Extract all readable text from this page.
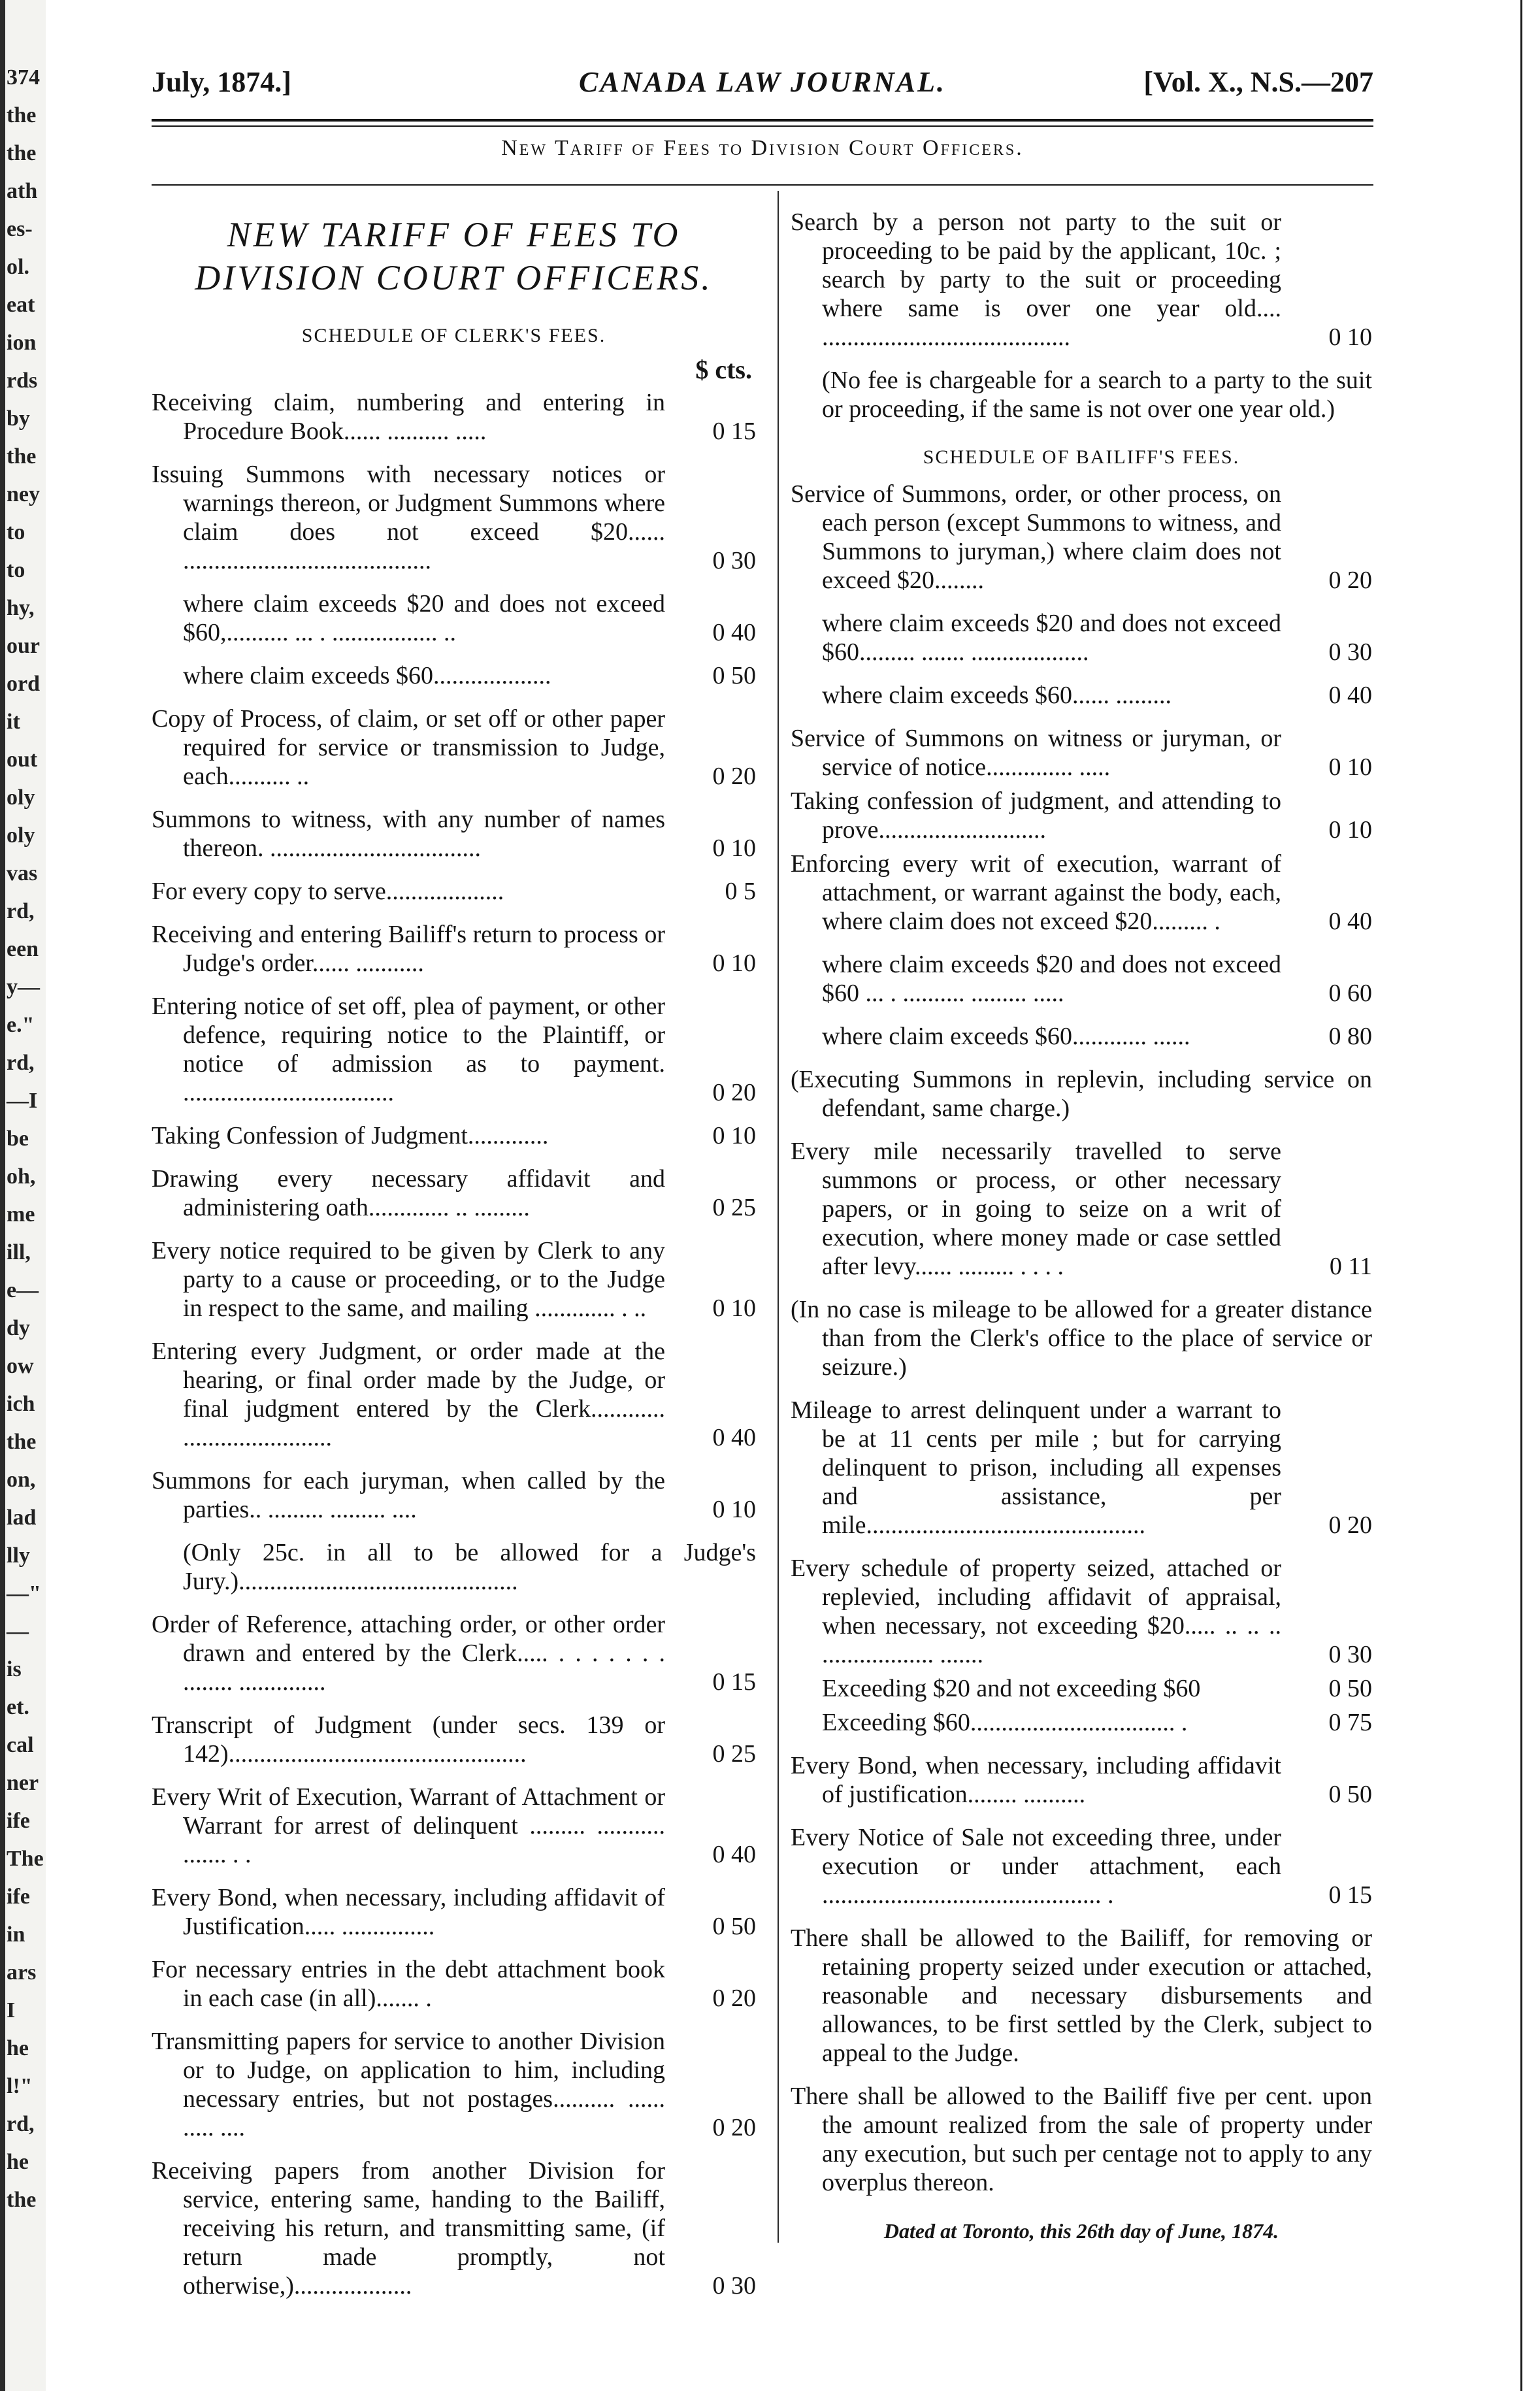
374
the
the
ath
es-
ol.
eat
ion
rds
by
the
ney
to
to
hy,
our
ord
it
out
oly
oly
vas
rd,
een
y—
e."
rd,
—I
be
oh,
me
ill,
e—
dy
ow
ich
the
on,
lad
lly
—"
—
is
et.
cal
ner
ife
The
ife
in
ars
I
he
l!"
rd,
he
the
July, 1874.]	CANADA LAW JOURNAL.	[Vol. X., N.S.—207
New Tariff of Fees to Division Court Officers.
NEW TARIFF OF FEES TO DIVISION COURT OFFICERS.
SCHEDULE OF CLERK'S FEES.
$ cts.
Receiving claim, numbering and entering in Procedure Book...... .......... .....	0 15
Issuing Summons with necessary notices or warnings thereon, or Judgment Summons where claim does not exceed $20...... ........................................	0 30
where claim exceeds $20 and does not exceed $60,.......... ... . ................. ..	0 40
where claim exceeds $60...................	0 50
Copy of Process, of claim, or set off or other paper required for service or transmission to Judge, each.......... ..	0 20
Summons to witness, with any number of names thereon. ..................................	0 10
For every copy to serve...................	0 5
Receiving and entering Bailiff's return to process or Judge's order...... ...........	0 10
Entering notice of set off, plea of payment, or other defence, requiring notice to the Plaintiff, or notice of admission as to payment. ..................................	0 20
Taking Confession of Judgment.............	0 10
Drawing every necessary affidavit and administering oath............. .. .........	0 25
Every notice required to be given by Clerk to any party to a cause or proceeding, or to the Judge in respect to the same, and mailing ............. . ..	0 10
Entering every Judgment, or order made at the hearing, or final order made by the Judge, or final judgment entered by the Clerk............ ........................	0 40
Summons for each juryman, when called by the parties.. ......... ......... ....	0 10
(Only 25c. in all to be allowed for a Judge's Jury.).............................................
Order of Reference, attaching order, or other order drawn and entered by the Clerk..... . . . . . . . ........ ..............	0 15
Transcript of Judgment (under secs. 139 or 142)................................................	0 25
Every Writ of Execution, Warrant of Attachment or Warrant for arrest of delinquent ......... ........... ....... . .	0 40
Every Bond, when necessary, including affidavit of Justification..... ...............	0 50
For necessary entries in the debt attachment book in each case (in all)....... .	0 20
Transmitting papers for service to another Division or to Judge, on application to him, including necessary entries, but not postages.......... ...... ..... ....	0 20
Receiving papers from another Division for service, entering same, handing to the Bailiff, receiving his return, and transmitting same, (if return made promptly, not otherwise,)...................	0 30
Search by a person not party to the suit or proceeding to be paid by the applicant, 10c. ; search by party to the suit or proceeding where same is over one year old.... ........................................	0 10
(No fee is chargeable for a search to a party to the suit or proceeding, if the same is not over one year old.)
SCHEDULE OF BAILIFF'S FEES.
Service of Summons, order, or other process, on each person (except Summons to witness, and Summons to juryman,) where claim does not exceed $20........	0 20
where claim exceeds $20 and does not exceed $60......... ....... ...................	0 30
where claim exceeds $60...... .........	0 40
Service of Summons on witness or juryman, or service of notice.............. .....	0 10
Taking confession of judgment, and attending to prove...........................	0 10
Enforcing every writ of execution, warrant of attachment, or warrant against the body, each, where claim does not exceed $20......... .	0 40
where claim exceeds $20 and does not exceed $60 ... . .......... ......... .....	0 60
where claim exceeds $60............ ......	0 80
(Executing Summons in replevin, including service on defendant, same charge.)
Every mile necessarily travelled to serve summons or process, or other necessary papers, or in going to seize on a writ of execution, where money made or case settled after levy...... ......... . . . .	0 11
(In no case is mileage to be allowed for a greater distance than from the Clerk's office to the place of service or seizure.)
Mileage to arrest delinquent under a warrant to be at 11 cents per mile ; but for carrying delinquent to prison, including all expenses and assistance, per mile.............................................	0 20
Every schedule of property seized, attached or replevied, including affidavit of appraisal, when necessary, not exceeding $20..... .. .. .. .................. .......	0 30
Exceeding $20 and not exceeding $60	0 50
Exceeding $60................................. .	0 75
Every Bond, when necessary, including affidavit of justification........ ..........	0 50
Every Notice of Sale not exceeding three, under execution or under attachment, each ............................................. .	0 15
There shall be allowed to the Bailiff, for removing or retaining property seized under execution or attached, reasonable and necessary disbursements and allowances, to be first settled by the Clerk, subject to appeal to the Judge.
There shall be allowed to the Bailiff five per cent. upon the amount realized from the sale of property under any execution, but such per centage not to apply to any overplus thereon.
Dated at Toronto, this 26th day of June, 1874.
